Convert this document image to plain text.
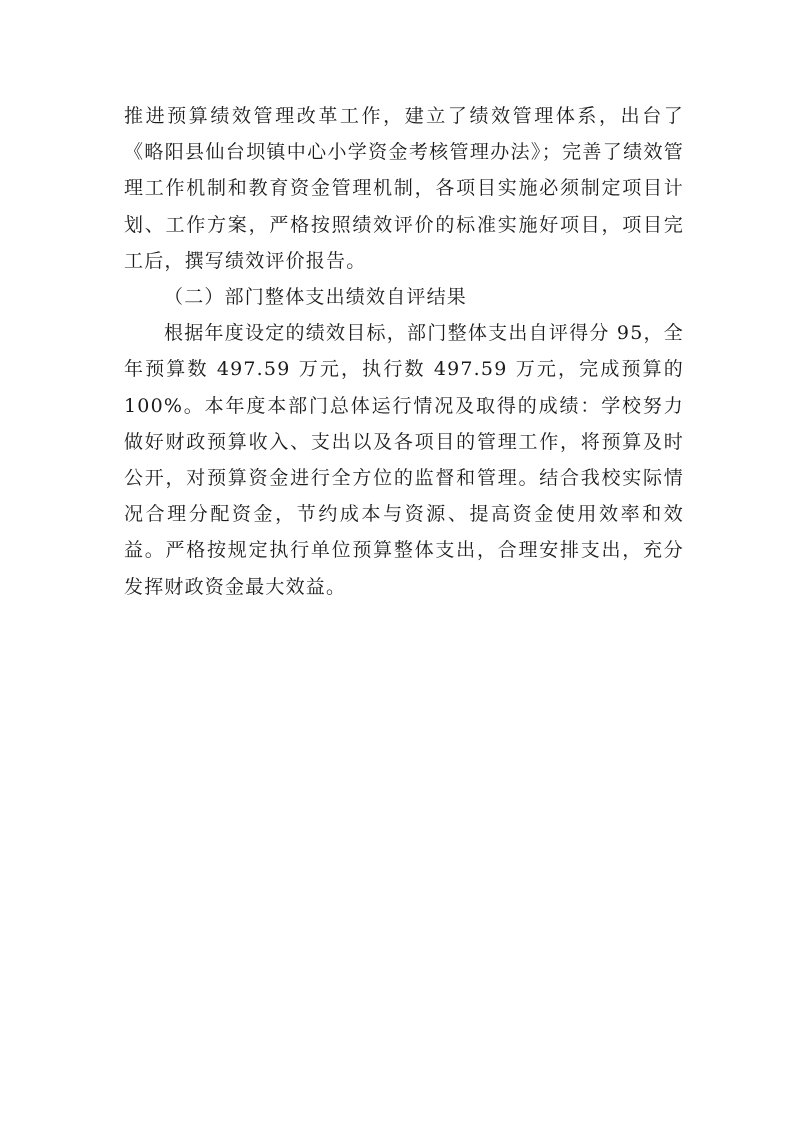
推进预算绩效管理改革工作，建立了绩效管理体系，出台了《略阳县仙台坝镇中心小学资金考核管理办法》；完善了绩效管理工作机制和教育资金管理机制，各项目实施必须制定项目计划、工作方案，严格按照绩效评价的标准实施好项目，项目完工后，撰写绩效评价报告。

（二）部门整体支出绩效自评结果

根据年度设定的绩效目标，部门整体支出自评得分 95，全年预算数 497.59 万元，执行数 497.59 万元，完成预算的 100%。本年度本部门总体运行情况及取得的成绩：学校努力做好财政预算收入、支出以及各项目的管理工作，将预算及时公开，对预算资金进行全方位的监督和管理。结合我校实际情况合理分配资金，节约成本与资源、提高资金使用效率和效益。严格按规定执行单位预算整体支出，合理安排支出，充分发挥财政资金最大效益。
